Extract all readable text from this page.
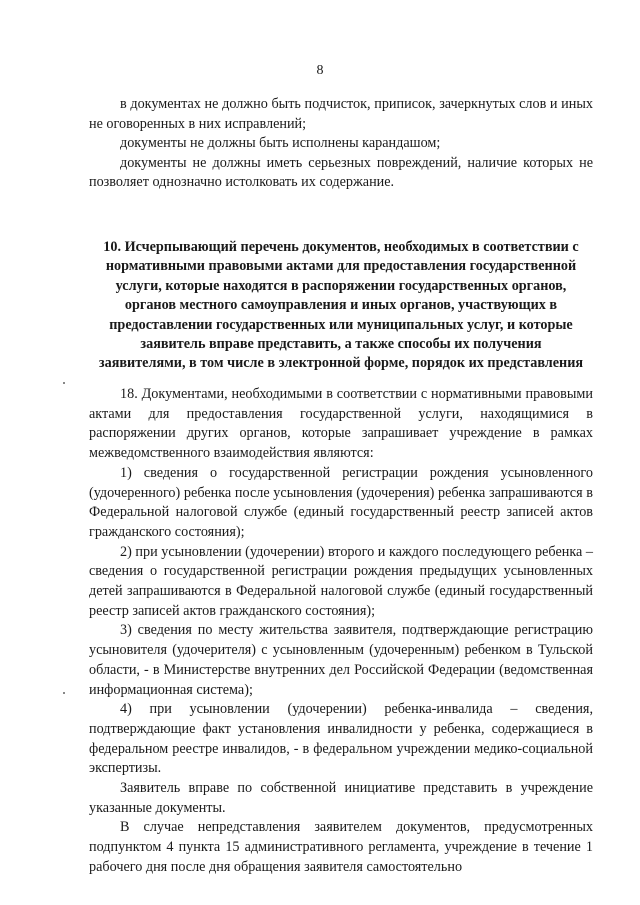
8

в документах не должно быть подчисток, приписок, зачеркнутых слов и иных не оговоренных в них исправлений;

документы не должны быть исполнены карандашом;

документы не должны иметь серьезных повреждений, наличие которых не позволяет однозначно истолковать их содержание.

10. Исчерпывающий перечень документов, необходимых в соответствии с нормативными правовыми актами для предоставления государственной услуги, которые находятся в распоряжении государственных органов, органов местного самоуправления и иных органов, участвующих в предоставлении государственных или муниципальных услуг, и которые заявитель вправе представить, а также способы их получения заявителями, в том числе в электронной форме, порядок их представления

18. Документами, необходимыми в соответствии с нормативными правовыми актами для предоставления государственной услуги, находящимися в распоряжении других органов, которые запрашивает учреждение в рамках межведомственного взаимодействия являются:

1) сведения о государственной регистрации рождения усыновленного (удочеренного) ребенка после усыновления (удочерения) ребенка запрашиваются в Федеральной налоговой службе (единый государственный реестр записей актов гражданского состояния);

2) при усыновлении (удочерении) второго и каждого последующего ребенка – сведения о государственной регистрации рождения предыдущих усыновленных детей запрашиваются в Федеральной налоговой службе (единый государственный реестр записей актов гражданского состояния);

3) сведения по месту жительства заявителя, подтверждающие регистрацию усыновителя (удочерителя) с усыновленным (удочеренным) ребенком в Тульской области, - в Министерстве внутренних дел Российской Федерации (ведомственная информационная система);

4) при усыновлении (удочерении) ребенка-инвалида – сведения, подтверждающие факт установления инвалидности у ребенка, содержащиеся в федеральном реестре инвалидов, - в федеральном учреждении медико-социальной экспертизы.

Заявитель вправе по собственной инициативе представить в учреждение указанные документы.

В случае непредставления заявителем документов, предусмотренных подпунктом 4 пункта 15 административного регламента, учреждение в течение 1 рабочего дня после дня обращения заявителя самостоятельно
